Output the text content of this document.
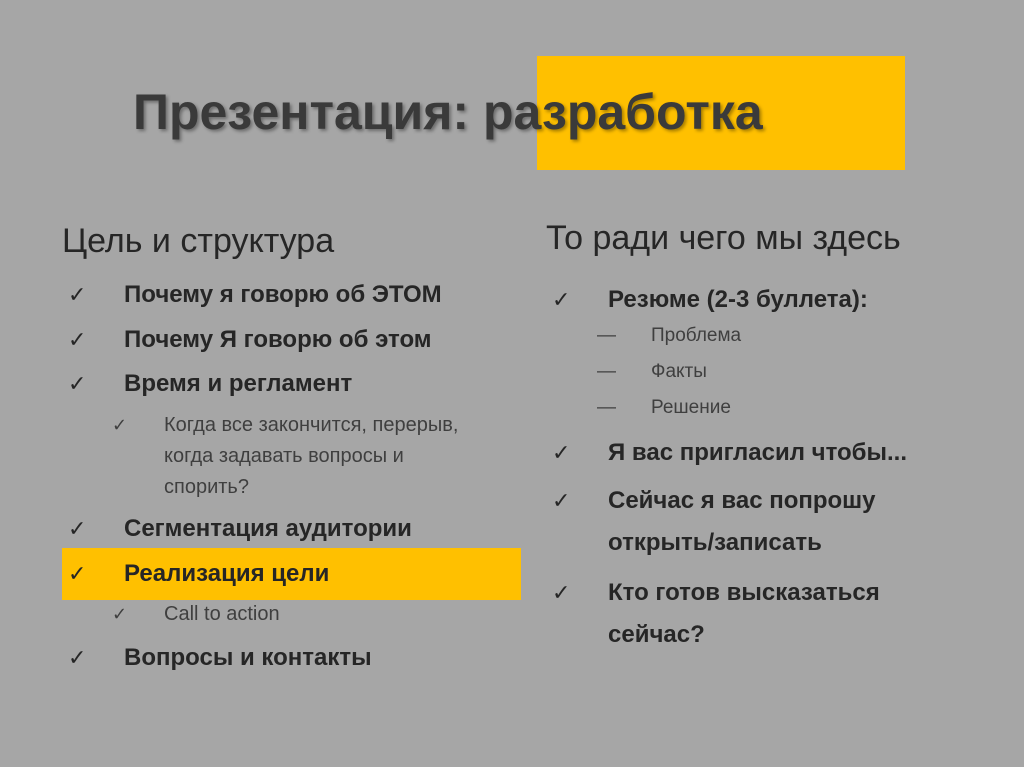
Презентация: разработка
Цель и структура
✓ Почему я говорю об ЭТОМ
✓ Почему Я говорю об этом
✓ Время и регламент
✓ Когда все закончится, перерыв, когда задавать вопросы и спорить?
✓ Сегментация аудитории
✓ Реализация цели
✓ Call to action
✓ Вопросы и контакты
То ради чего мы здесь
✓ Резюме (2-3 буллета):
— Проблема
— Факты
— Решение
✓ Я вас пригласил чтобы...
✓ Сейчас я вас попрошу открыть/записать
✓ Кто готов высказаться сейчас?
